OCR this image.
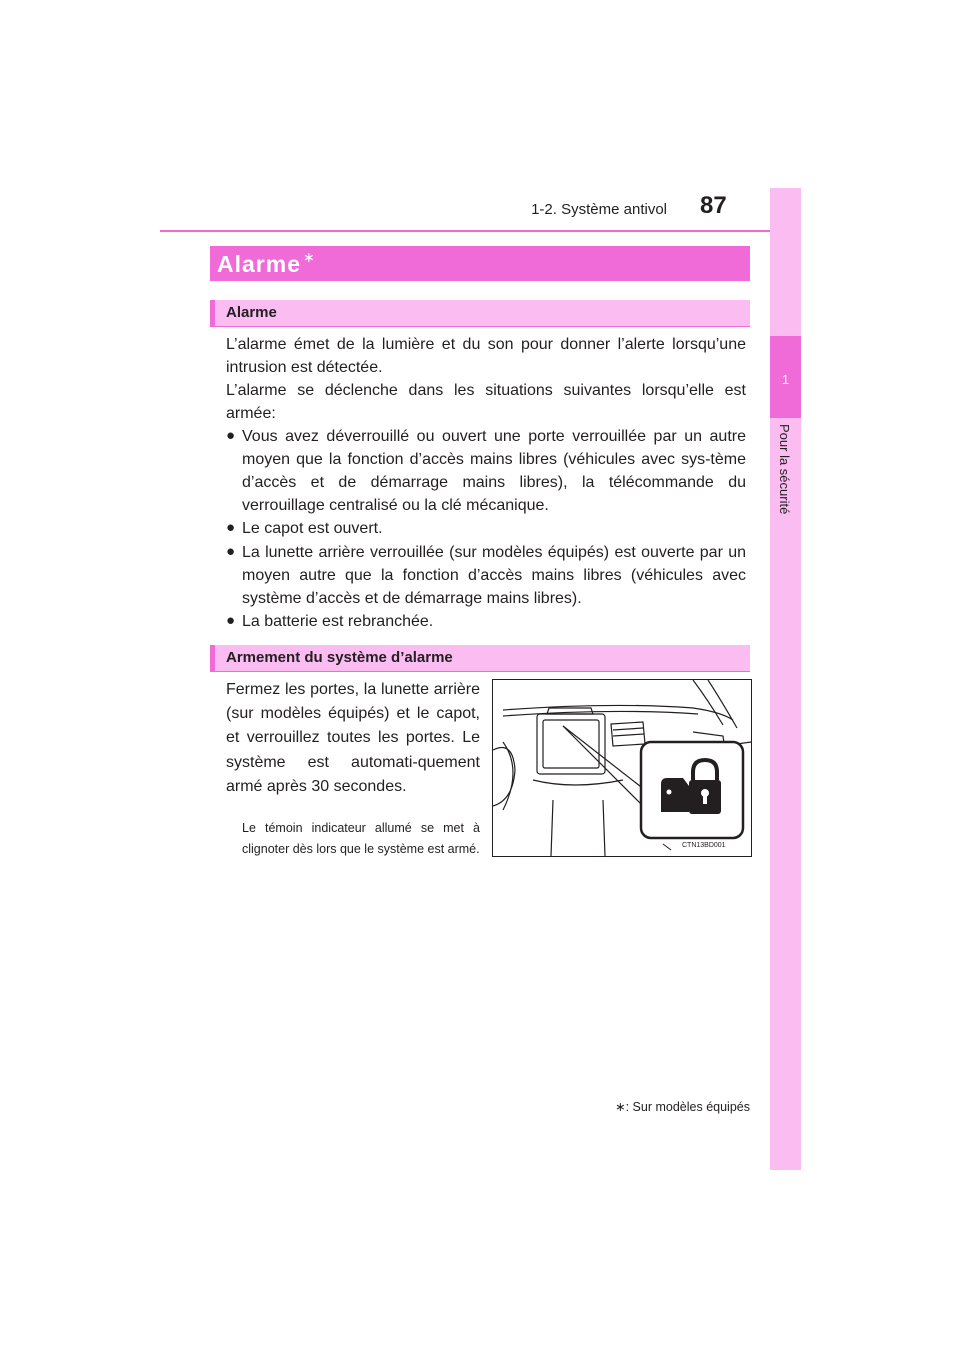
1-2. Système antivol 87
1
Pour la sécurité
Alarme ∗
Alarme
L’alarme émet de la lumière et du son pour donner l’alerte lorsqu’une intrusion est détectée.
L’alarme se déclenche dans les situations suivantes lorsqu’elle est armée:
● Vous avez déverrouillé ou ouvert une porte verrouillée par un autre moyen que la fonction d’accès mains libres (véhicules avec sys-tème d’accès et de démarrage mains libres), la télécommande du verrouillage centralisé ou la clé mécanique.
● Le capot est ouvert.
● La lunette arrière verrouillée (sur modèles équipés) est ouverte par un moyen autre que la fonction d’accès mains libres (véhicules avec système d’accès et de démarrage mains libres).
● La batterie est rebranchée.
Armement du système d’alarme
Fermez les portes, la lunette arrière (sur modèles équipés) et le capot, et verrouillez toutes les portes. Le système est automati-quement armé après 30 secondes.
Le témoin indicateur allumé se met à clignoter dès lors que le système est armé.	CTN13BD001
∗: Sur modèles équipés
